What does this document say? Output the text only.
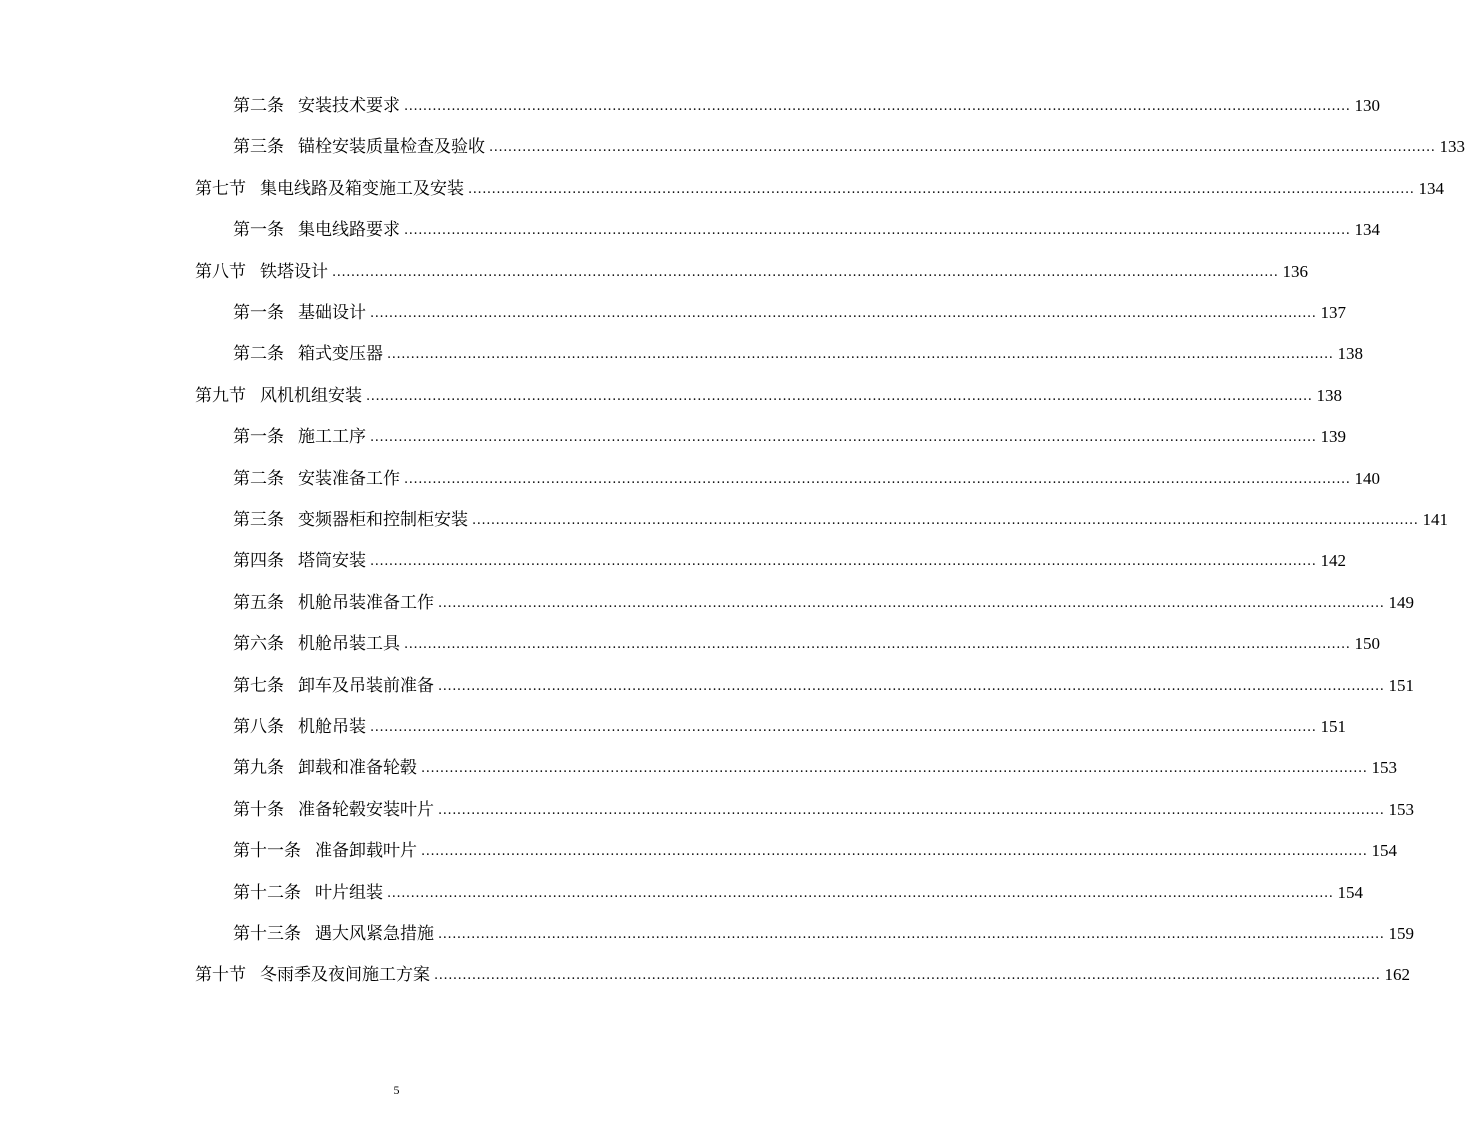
第二条 安装技术要求 ........................................................................................................................................................................................................ 130
第三条 锚栓安装质量检查及验收 ........................................................................................................................................................................................................ 133
第七节 集电线路及箱变施工及安装 ........................................................................................................................................................................................................ 134
第一条 集电线路要求 ........................................................................................................................................................................................................ 134
第八节 铁塔设计 ........................................................................................................................................................................................................ 136
第一条 基础设计 ........................................................................................................................................................................................................ 137
第二条 箱式变压器 ........................................................................................................................................................................................................ 138
第九节 风机机组安装 ........................................................................................................................................................................................................ 138
第一条 施工工序 ........................................................................................................................................................................................................ 139
第二条 安装准备工作 ........................................................................................................................................................................................................ 140
第三条 变频器柜和控制柜安装 ........................................................................................................................................................................................................ 141
第四条 塔筒安装 ........................................................................................................................................................................................................ 142
第五条 机舱吊装准备工作 ........................................................................................................................................................................................................ 149
第六条 机舱吊装工具 ........................................................................................................................................................................................................ 150
第七条 卸车及吊装前准备 ........................................................................................................................................................................................................ 151
第八条 机舱吊装 ........................................................................................................................................................................................................ 151
第九条 卸载和准备轮毂 ........................................................................................................................................................................................................ 153
第十条 准备轮毂安装叶片 ........................................................................................................................................................................................................ 153
第十一条 准备卸载叶片 ........................................................................................................................................................................................................ 154
第十二条 叶片组装 ........................................................................................................................................................................................................ 154
第十三条 遇大风紧急措施 ........................................................................................................................................................................................................ 159
第十节 冬雨季及夜间施工方案 ........................................................................................................................................................................................................ 162
5
